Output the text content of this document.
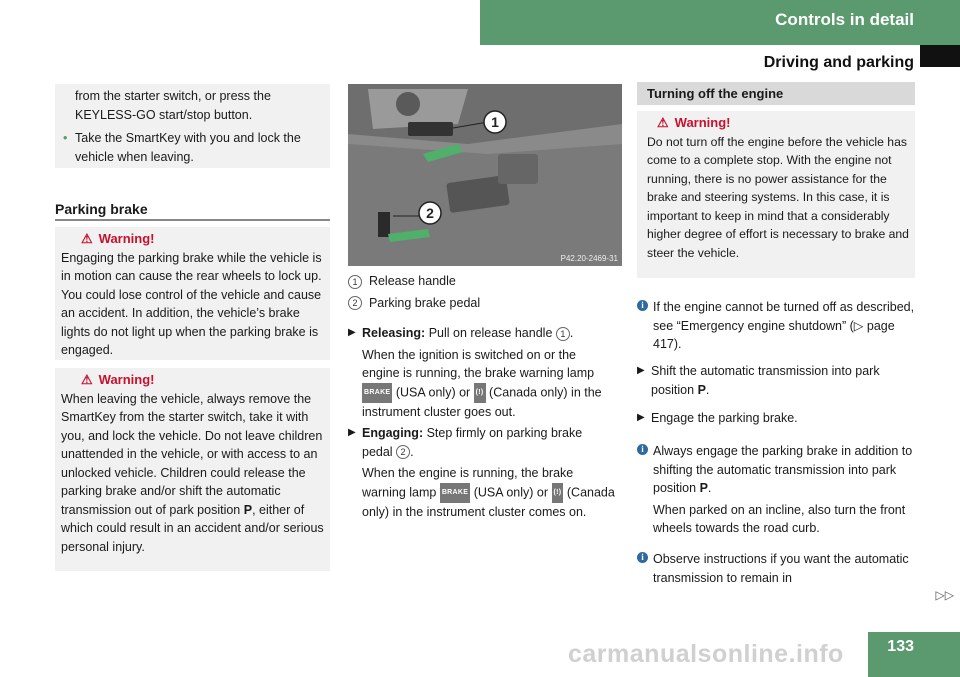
Controls in detail
Driving and parking

from the starter switch, or press the KEYLESS-GO start/stop button.

• Take the SmartKey with you and lock the vehicle when leaving.

Parking brake

⚠ Warning!

Engaging the parking brake while the vehicle is in motion can cause the rear wheels to lock up. You could lose control of the vehicle and cause an accident. In addition, the vehicle’s brake lights do not light up when the parking brake is engaged.

⚠ Warning!

When leaving the vehicle, always remove the SmartKey from the starter switch, take it with you, and lock the vehicle. Do not leave children unattended in the vehicle, or with access to an unlocked vehicle. Children could release the parking brake and/or shift the automatic transmission out of park position P, either of which could result in an accident and/or serious personal injury.

1
2
P42.20-2469-31

1 Release handle

2 Parking brake pedal

▶ Releasing: Pull on release handle 1 .

When the ignition is switched on or the engine is running, the brake warning lamp BRAKE (USA only) or (!) (Canada only) in the instrument cluster goes out.

▶ Engaging: Step firmly on parking brake pedal 2 .

When the engine is running, the brake warning lamp BRAKE (USA only) or (!) (Canada only) in the instrument cluster comes on.

Turning off the engine

⚠ Warning!

Do not turn off the engine before the vehicle has come to a complete stop. With the engine not running, there is no power assistance for the brake and steering systems. In this case, it is important to keep in mind that a considerably higher degree of effort is necessary to brake and steer the vehicle.

i If the engine cannot be turned off as described, see “Emergency engine shutdown” (▷ page 417).

▶ Shift the automatic transmission into park position P.

▶ Engage the parking brake.

i Always engage the parking brake in addition to shifting the automatic transmission into park position P.

When parked on an incline, also turn the front wheels towards the road curb.

i Observe instructions if you want the automatic transmission to remain in

▷▷
133
carmanualsonline.info
